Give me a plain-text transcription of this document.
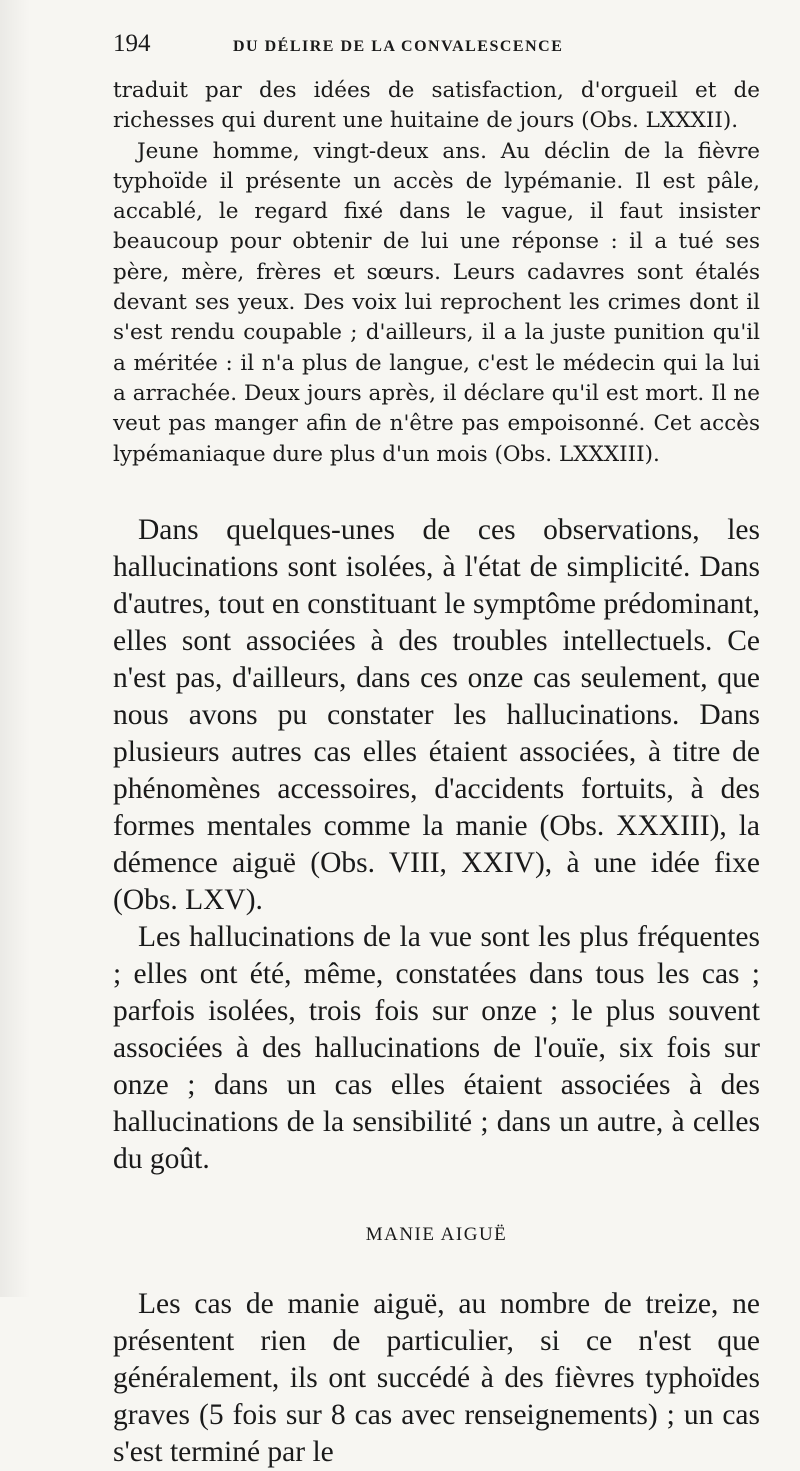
194	DU DÉLIRE DE LA CONVALESCENCE

traduit par des idées de satisfaction, d'orgueil et de richesses qui durent une huitaine de jours (Obs. LXXXII).

Jeune homme, vingt-deux ans. Au déclin de la fièvre typhoïde il présente un accès de lypémanie. Il est pâle, accablé, le regard fixé dans le vague, il faut insister beaucoup pour obtenir de lui une réponse : il a tué ses père, mère, frères et sœurs. Leurs cadavres sont étalés devant ses yeux. Des voix lui reprochent les crimes dont il s'est rendu coupable ; d'ailleurs, il a la juste punition qu'il a méritée : il n'a plus de langue, c'est le médecin qui la lui a arrachée. Deux jours après, il déclare qu'il est mort. Il ne veut pas manger afin de n'être pas empoisonné. Cet accès lypémaniaque dure plus d'un mois (Obs. LXXXIII).

Dans quelques-unes de ces observations, les hallucinations sont isolées, à l'état de simplicité. Dans d'autres, tout en constituant le symptôme prédominant, elles sont associées à des troubles intellectuels. Ce n'est pas, d'ailleurs, dans ces onze cas seulement, que nous avons pu constater les hallucinations. Dans plusieurs autres cas elles étaient associées, à titre de phénomènes accessoires, d'accidents fortuits, à des formes mentales comme la manie (Obs. XXXIII), la démence aiguë (Obs. VIII, XXIV), à une idée fixe (Obs. LXV).

Les hallucinations de la vue sont les plus fréquentes ; elles ont été, même, constatées dans tous les cas ; parfois isolées, trois fois sur onze ; le plus souvent associées à des hallucinations de l'ouïe, six fois sur onze ; dans un cas elles étaient associées à des hallucinations de la sensibilité ; dans un autre, à celles du goût.

MANIE AIGUË

Les cas de manie aiguë, au nombre de treize, ne présentent rien de particulier, si ce n'est que généralement, ils ont succédé à des fièvres typhoïdes graves (5 fois sur 8 cas avec renseignements) ; un cas s'est terminé par le
